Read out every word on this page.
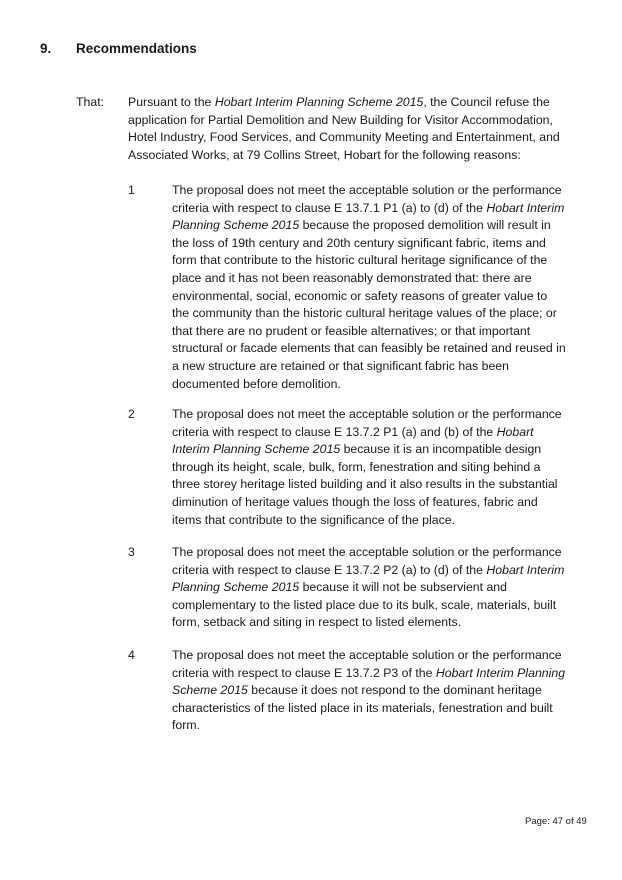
9. Recommendations
That: Pursuant to the Hobart Interim Planning Scheme 2015, the Council refuse the application for Partial Demolition and New Building for Visitor Accommodation, Hotel Industry, Food Services, and Community Meeting and Entertainment, and Associated Works, at 79 Collins Street, Hobart for the following reasons:
1	The proposal does not meet the acceptable solution or the performance criteria with respect to clause E 13.7.1 P1 (a) to (d) of the Hobart Interim Planning Scheme 2015 because the proposed demolition will result in the loss of 19th century and 20th century significant fabric, items and form that contribute to the historic cultural heritage significance of the place and it has not been reasonably demonstrated that: there are environmental, social, economic or safety reasons of greater value to the community than the historic cultural heritage values of the place; or that there are no prudent or feasible alternatives; or that important structural or facade elements that can feasibly be retained and reused in a new structure are retained or that significant fabric has been documented before demolition.
2	The proposal does not meet the acceptable solution or the performance criteria with respect to clause E 13.7.2 P1 (a) and (b) of the Hobart Interim Planning Scheme 2015 because it is an incompatible design through its height, scale, bulk, form, fenestration and siting behind a three storey heritage listed building and it also results in the substantial diminution of heritage values though the loss of features, fabric and items that contribute to the significance of the place.
3	The proposal does not meet the acceptable solution or the performance criteria with respect to clause E 13.7.2 P2 (a) to (d) of the Hobart Interim Planning Scheme 2015 because it will not be subservient and complementary to the listed place due to its bulk, scale, materials, built form, setback and siting in respect to listed elements.
4	The proposal does not meet the acceptable solution or the performance criteria with respect to clause E 13.7.2 P3 of the Hobart Interim Planning Scheme 2015 because it does not respond to the dominant heritage characteristics of the listed place in its materials, fenestration and built form.
Page: 47 of 49
